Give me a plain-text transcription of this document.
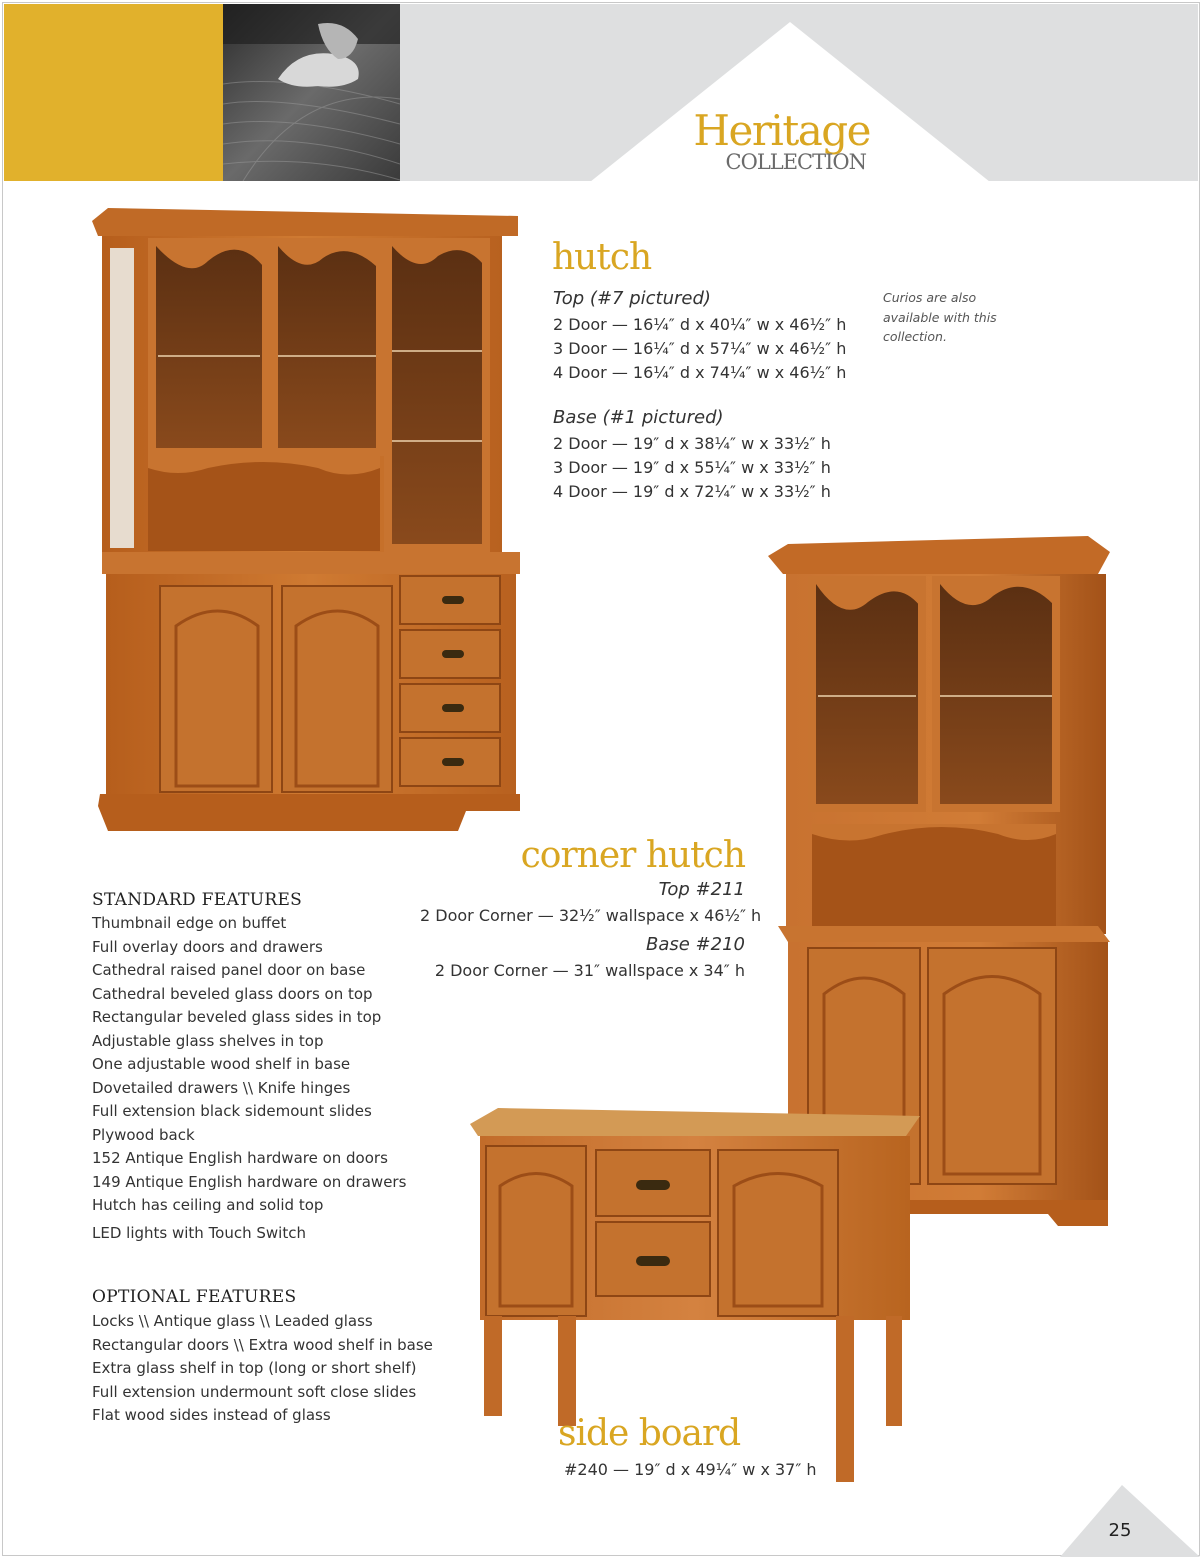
Heritage
COLLECTION
hutch
Top (#7 pictured)
2 Door — 16¼″ d x 40¼″ w x 46½″ h
3 Door — 16¼″ d x 57¼″ w x 46½″ h
4 Door — 16¼″ d x 74¼″ w x 46½″ h
Base (#1 pictured)
2 Door — 19″ d x 38¼″ w x 33½″ h
3 Door — 19″ d x 55¼″ w x 33½″ h
4 Door — 19″ d x 72¼″ w x 33½″ h
Curios are also
available with this
collection.
corner hutch
Top #211
2 Door Corner — 32½″ wallspace x 46½″ h
Base #210
2 Door Corner — 31″ wallspace x 34″ h
STANDARD FEATURES
Thumbnail edge on buffet
Full overlay doors and drawers
Cathedral raised panel door on base
Cathedral beveled glass doors on top
Rectangular beveled glass sides in top
Adjustable glass shelves in top
One adjustable wood shelf in base
Dovetailed drawers \\ Knife hinges
Full extension black sidemount slides
Plywood back
152 Antique English hardware on doors
149 Antique English hardware on drawers
Hutch has ceiling and solid top
LED lights with Touch Switch
OPTIONAL FEATURES
Locks \\ Antique glass \\ Leaded glass
Rectangular doors \\ Extra wood shelf in base
Extra glass shelf in top (long or short shelf)
Full extension undermount soft close slides
Flat wood sides instead of glass	side board
#240 — 19″ d x 49¼″ w x 37″ h
25
